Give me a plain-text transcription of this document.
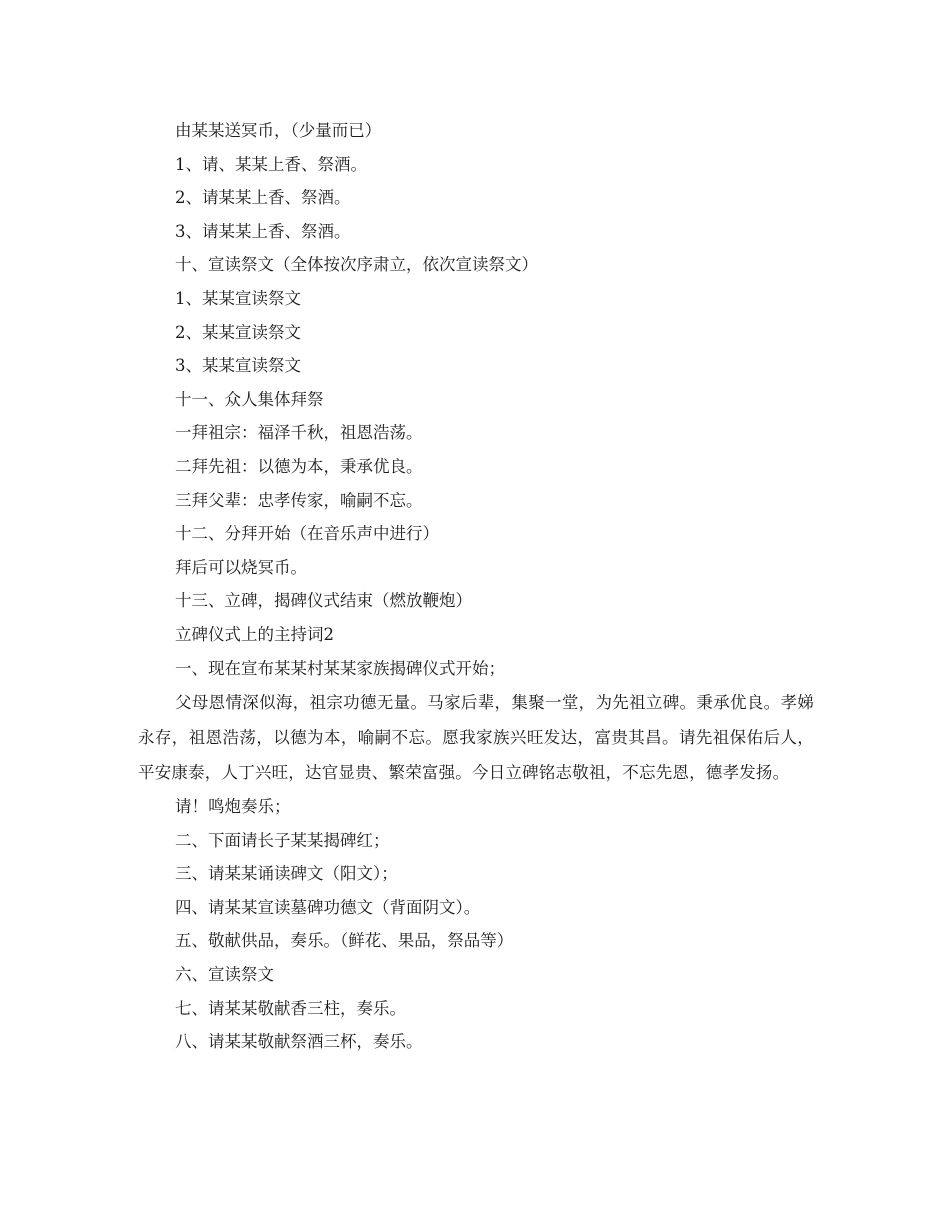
由某某送冥币，（少量而已）

1、请、某某上香、祭酒。

2、请某某上香、祭酒。

3、请某某上香、祭酒。

十、宣读祭文（全体按次序肃立，依次宣读祭文）

1、某某宣读祭文

2、某某宣读祭文

3、某某宣读祭文

十一、众人集体拜祭

一拜祖宗：福泽千秋，祖恩浩荡。

二拜先祖：以德为本，秉承优良。

三拜父辈：忠孝传家，喻嗣不忘。

十二、分拜开始（在音乐声中进行）

拜后可以烧冥币。

十三、立碑，揭碑仪式结束（燃放鞭炮）

立碑仪式上的主持词2

一、现在宣布某某村某某家族揭碑仪式开始；

父母恩情深似海，祖宗功德无量。马家后辈，集聚一堂，为先祖立碑。秉承优良。孝娣永存，祖恩浩荡，以德为本，喻嗣不忘。愿我家族兴旺发达，富贵其昌。请先祖保佑后人，平安康泰，人丁兴旺，达官显贵、繁荣富强。今日立碑铭志敬祖，不忘先恩，德孝发扬。

请！鸣炮奏乐；

二、下面请长子某某揭碑红；

三、请某某诵读碑文（阳文）；

四、请某某宣读墓碑功德文（背面阴文）。

五、敬献供品，奏乐。（鲜花、果品，祭品等）

六、宣读祭文

七、请某某敬献香三柱，奏乐。

八、请某某敬献祭酒三杯，奏乐。
